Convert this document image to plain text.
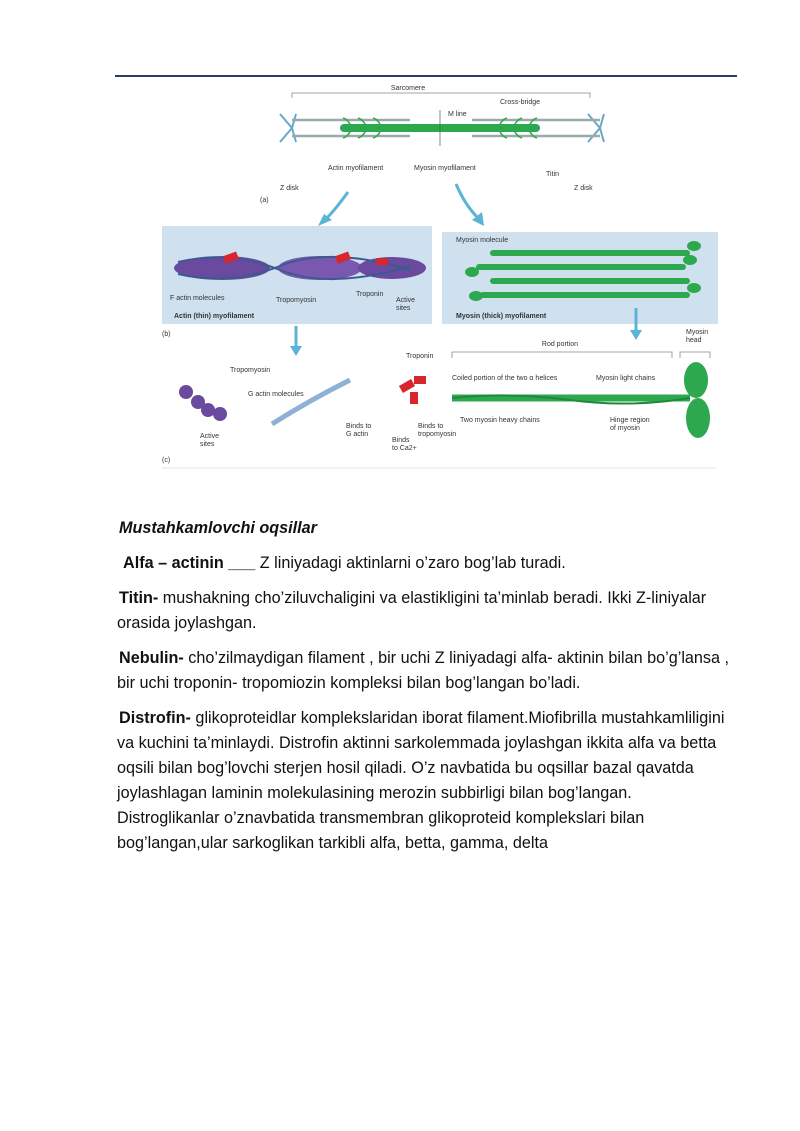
Sarcomere
Cross-bridge
M line
Actin myofilament	Myosin myofilament
Titin
Z disk	Z disk
(a)
F actin molecules	Tropomyosin
Troponin
Active sites
Actin (thin) myofilament
(b)
Myosin molecule
Myosin (thick) myofilament
Tropomyosin
G actin molecules
Active sites
Troponin
Binds to G actin
Binds to tropomyosin
Binds to Ca2+
Rod portion
Myosin head
Coiled portion of the two α helices	Myosin light chains
Two myosin heavy chains	Hinge region of myosin
(c)
Mustahkamlovchi oqsillar
Alfa – actinin ___ Z liniyadagi aktinlarni o’zaro bog’lab turadi.
Titin- mushakning cho’ziluvchaligini va elastikligini ta’minlab beradi. Ikki Z-liniyalar orasida joylashgan.
Nebulin- cho’zilmaydigan filament , bir uchi Z liniyadagi alfa- aktinin bilan bo’g’lansa , bir uchi troponin- tropomiozin kompleksi bilan bog’langan bo’ladi.
Distrofin- glikoproteidlar komplekslaridan iborat filament.Miofibrilla mustahkamliligini va kuchini ta’minlaydi. Distrofin aktinni sarkolemmada joylashgan ikkita alfa va betta oqsili bilan bog’lovchi sterjen hosil qiladi. O’z navbatida bu oqsillar bazal qavatda joylashlagan laminin molekulasining merozin subbirligi bilan bog’langan. Distroglikanlar o’znavbatida transmembran glikoproteid komplekslari bilan bog’langan,ular sarkoglikan tarkibli alfa, betta, gamma, delta
